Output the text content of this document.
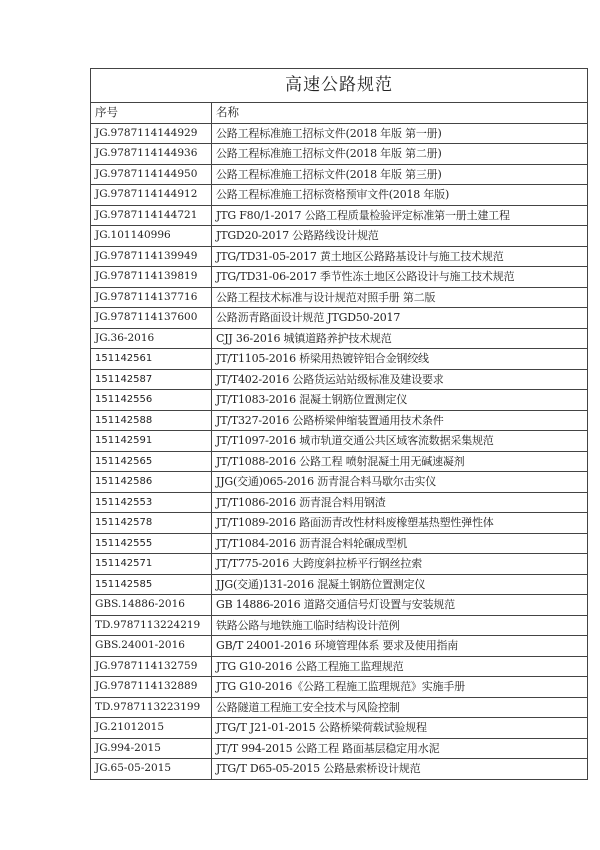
高速公路规范	
序号	名称
JG.9787114144929	公路工程标准施工招标文件(2018 年版 第一册)
JG.9787114144936	公路工程标准施工招标文件(2018 年版 第二册)
JG.9787114144950	公路工程标准施工招标文件(2018 年版 第三册)
JG.9787114144912	公路工程标准施工招标资格预审文件(2018 年版)
JG.9787114144721	JTG F80/1-2017 公路工程质量检验评定标准第一册土建工程
JG.101140996	JTGD20-2017 公路路线设计规范
JG.9787114139949	JTG/TD31-05-2017 黄土地区公路路基设计与施工技术规范
JG.9787114139819	JTG/TD31-06-2017 季节性冻土地区公路设计与施工技术规范
JG.9787114137716	公路工程技术标准与设计规范对照手册 第二版
JG.9787114137600	公路沥青路面设计规范 JTGD50-2017
JG.36-2016	CJJ 36-2016 城镇道路养护技术规范
151142561	JT/T1105-2016 桥梁用热镀锌铝合金钢绞线
151142587	JT/T402-2016 公路货运站站级标准及建设要求
151142556	JT/T1083-2016 混凝土钢筋位置测定仪
151142588	JT/T327-2016 公路桥梁伸缩装置通用技术条件
151142591	JT/T1097-2016 城市轨道交通公共区域客流数据采集规范
151142565	JT/T1088-2016 公路工程 喷射混凝土用无碱速凝剂
151142586	JJG(交通)065-2016 沥青混合料马歇尔击实仪
151142553	JT/T1086-2016 沥青混合料用钢渣
151142578	JT/T1089-2016 路面沥青改性材料废橡塑基热塑性弹性体
151142555	JT/T1084-2016 沥青混合料轮碾成型机
151142571	JT/T775-2016 大跨度斜拉桥平行钢丝拉索
151142585	JJG(交通)131-2016 混凝土钢筋位置测定仪
GBS.14886-2016	GB 14886-2016 道路交通信号灯设置与安装规范
TD.9787113224219	铁路公路与地铁施工临时结构设计范例
GBS.24001-2016	GB/T 24001-2016 环境管理体系 要求及使用指南
JG.9787114132759	JTG G10-2016 公路工程施工监理规范
JG.9787114132889	JTG G10-2016《公路工程施工监理规范》实施手册
TD.9787113223199	公路隧道工程施工安全技术与风险控制
JG.21012015	JTG/T J21-01-2015 公路桥梁荷载试验规程
JG.994-2015	JT/T 994-2015 公路工程 路面基层稳定用水泥
JG.65-05-2015	JTG/T D65-05-2015 公路悬索桥设计规范
